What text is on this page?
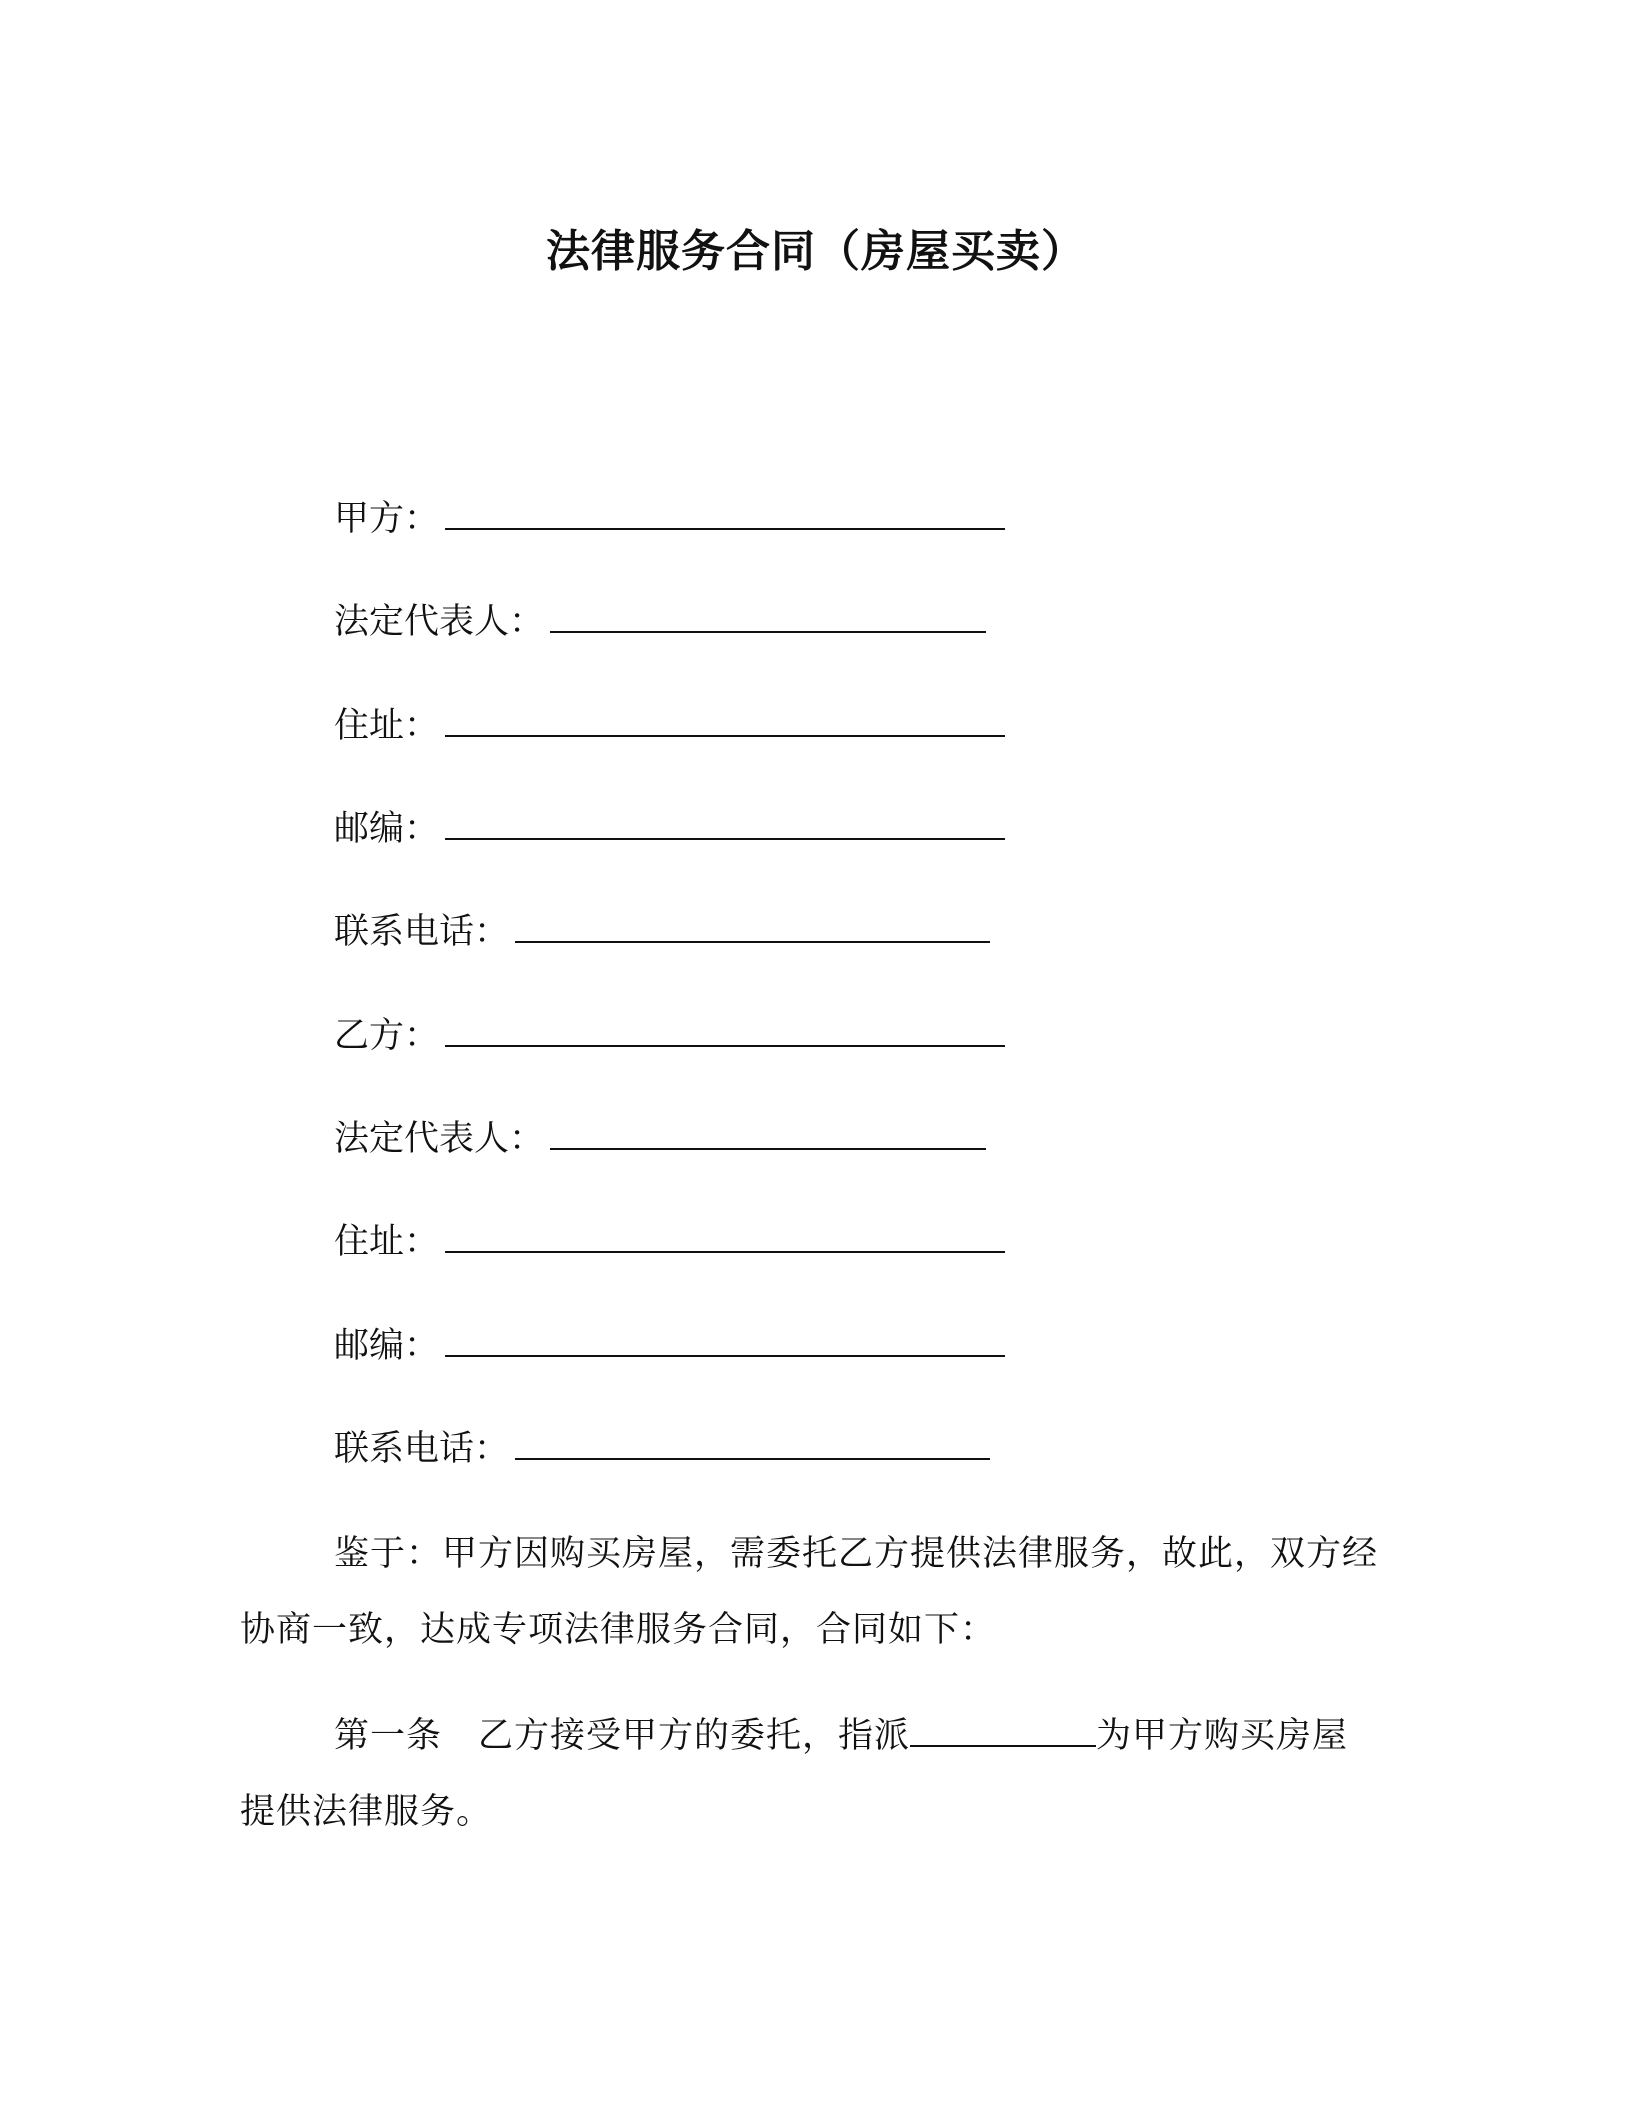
法律服务合同（房屋买卖）
甲方：
法定代表人：
住址：
邮编：
联系电话：
乙方：
法定代表人：
住址：
邮编：
联系电话：
鉴于：甲方因购买房屋，需委托乙方提供法律服务，故此，双方经协商一致，达成专项法律服务合同，合同如下：
第一条　乙方接受甲方的委托，指派	为甲方购买房屋提供法律服务。
